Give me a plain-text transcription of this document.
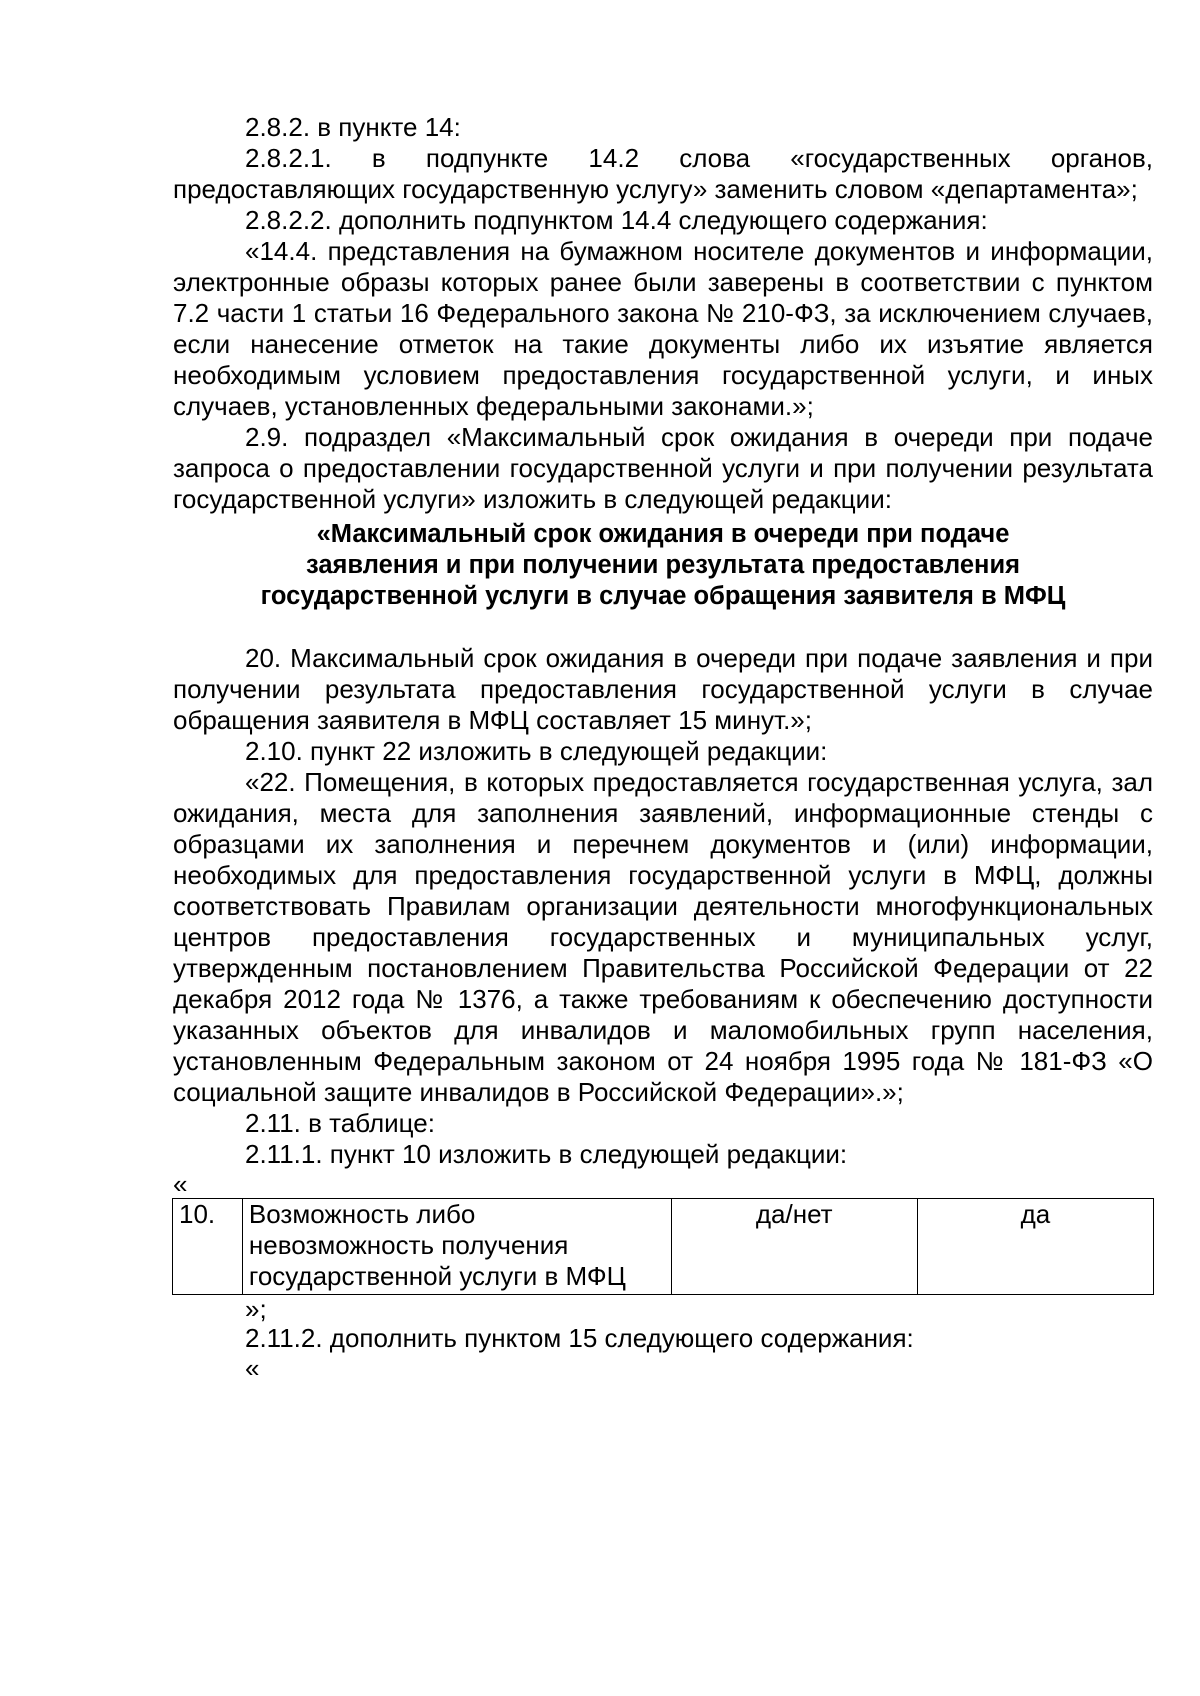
2.8.2. в пункте 14:

2.8.2.1. в подпункте 14.2 слова «государственных органов, предоставляющих государственную услугу» заменить словом «департамента»;

2.8.2.2. дополнить подпунктом 14.4 следующего содержания:

«14.4. представления на бумажном носителе документов и информации, электронные образы которых ранее были заверены в соответствии с пунктом 7.2 части 1 статьи 16 Федерального закона № 210-ФЗ, за исключением случаев, если нанесение отметок на такие документы либо их изъятие является необходимым условием предоставления государственной услуги, и иных случаев, установленных федеральными законами.»;

2.9. подраздел «Максимальный срок ожидания в очереди при подаче запроса о предоставлении государственной услуги и при получении результата государственной услуги» изложить в следующей редакции:

«Максимальный срок ожидания в очереди при подаче
заявления и при получении результата предоставления
государственной услуги в случае обращения заявителя в МФЦ

20. Максимальный срок ожидания в очереди при подаче заявления и при получении результата предоставления государственной услуги в случае обращения заявителя в МФЦ составляет 15 минут.»;

2.10. пункт 22 изложить в следующей редакции:

«22. Помещения, в которых предоставляется государственная услуга, зал ожидания, места для заполнения заявлений, информационные стенды с образцами их заполнения и перечнем документов и (или) информации, необходимых для предоставления государственной услуги в МФЦ, должны соответствовать Правилам организации деятельности многофункциональных центров предоставления государственных и муниципальных услуг, утвержденным постановлением Правительства Российской Федерации от 22 декабря 2012 года № 1376, а также требованиям к обеспечению доступности указанных объектов для инвалидов и маломобильных групп населения, установленным Федеральным законом от 24 ноября 1995 года № 181-ФЗ «О социальной защите инвалидов в Российской Федерации».»;

2.11. в таблице:

2.11.1. пункт 10 изложить в следующей редакции:

«

10.	Возможность либо невозможность получения государственной услуги в МФЦ	да/нет	да

»;

2.11.2. дополнить пунктом 15 следующего содержания:

«
